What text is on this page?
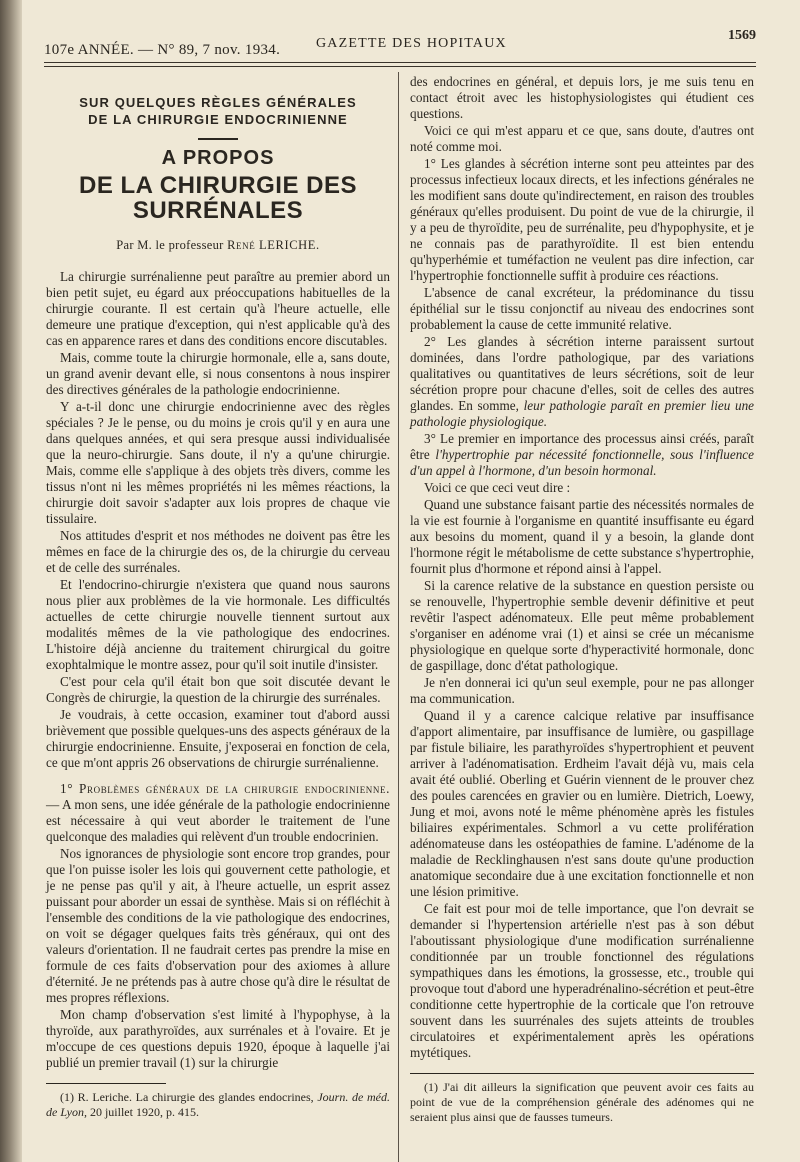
107e ANNÉE. — N° 89, 7 nov. 1934.	GAZETTE DES HOPITAUX
1569
SUR QUELQUES RÈGLES GÉNÉRALES
DE LA CHIRURGIE ENDOCRINIENNE
A PROPOS
DE LA CHIRURGIE DES SURRÉNALES
Par M. le professeur René LERICHE.

La chirurgie surrénalienne peut paraître au premier abord un bien petit sujet, eu égard aux préoccupations habituelles de la chirurgie courante. Il est certain qu'à l'heure actuelle, elle demeure une pratique d'exception, qui n'est applicable qu'à des cas en apparence rares et dans des conditions encore discutables.

Mais, comme toute la chirurgie hormonale, elle a, sans doute, un grand avenir devant elle, si nous consentons à nous inspirer des directives générales de la pathologie endocrinienne.

Y a-t-il donc une chirurgie endocrinienne avec des règles spéciales ? Je le pense, ou du moins je crois qu'il y en aura une dans quelques années, et qui sera presque aussi individualisée que la neuro-chirurgie. Sans doute, il n'y a qu'une chirurgie. Mais, comme elle s'applique à des objets très divers, comme les tissus n'ont ni les mêmes propriétés ni les mêmes réactions, la chirurgie doit savoir s'adapter aux lois propres de chaque vie tissulaire.

Nos attitudes d'esprit et nos méthodes ne doivent pas être les mêmes en face de la chirurgie des os, de la chirurgie du cerveau et de celle des surrénales.

Et l'endocrino-chirurgie n'existera que quand nous saurons nous plier aux problèmes de la vie hormonale. Les difficultés actuelles de cette chirurgie nouvelle tiennent surtout aux modalités mêmes de la vie pathologique des endocrines. L'histoire déjà ancienne du traitement chirurgical du goitre exophtalmique le montre assez, pour qu'il soit inutile d'insister.

C'est pour cela qu'il était bon que soit discutée devant le Congrès de chirurgie, la question de la chirurgie des surrénales.

Je voudrais, à cette occasion, examiner tout d'abord aussi brièvement que possible quelques-uns des aspects généraux de la chirurgie endocrinienne. Ensuite, j'exposerai en fonction de cela, ce que m'ont appris 26 observations de chirurgie surrénalienne.

1° Problèmes généraux de la chirurgie endocrinienne. — A mon sens, une idée générale de la pathologie endocrinienne est nécessaire à qui veut aborder le traitement de l'une quelconque des maladies qui relèvent d'un trouble endocrinien.

Nos ignorances de physiologie sont encore trop grandes, pour que l'on puisse isoler les lois qui gouvernent cette pathologie, et je ne pense pas qu'il y ait, à l'heure actuelle, un esprit assez puissant pour aborder un essai de synthèse. Mais si on réfléchit à l'ensemble des conditions de la vie pathologique des endocrines, on voit se dégager quelques faits très généraux, qui ont des valeurs d'orientation. Il ne faudrait certes pas prendre la mise en formule de ces faits d'observation pour des axiomes à allure d'éternité. Je ne prétends pas à autre chose qu'à dire le résultat de mes propres réflexions.

Mon champ d'observation s'est limité à l'hypophyse, à la thyroïde, aux parathyroïdes, aux surrénales et à l'ovaire. Et je m'occupe de ces questions depuis 1920, époque à laquelle j'ai publié un premier travail (1) sur la chirurgie

(1) R. Leriche. La chirurgie des glandes endocrines, Journ. de méd. de Lyon, 20 juillet 1920, p. 415.

des endocrines en général, et depuis lors, je me suis tenu en contact étroit avec les histophysiologistes qui étudient ces questions.

Voici ce qui m'est apparu et ce que, sans doute, d'autres ont noté comme moi.

1° Les glandes à sécrétion interne sont peu atteintes par des processus infectieux locaux directs, et les infections générales ne les modifient sans doute qu'indirectement, en raison des troubles généraux qu'elles produisent. Du point de vue de la chirurgie, il y a peu de thyroïdite, peu de surrénalite, peu d'hypophysite, et je ne connais pas de parathyroïdite. Il est bien entendu qu'hyperhémie et tuméfaction ne veulent pas dire infection, car l'hypertrophie fonctionnelle suffit à produire ces réactions.

L'absence de canal excréteur, la prédominance du tissu épithélial sur le tissu conjonctif au niveau des endocrines sont probablement la cause de cette immunité relative.

2° Les glandes à sécrétion interne paraissent surtout dominées, dans l'ordre pathologique, par des variations qualitatives ou quantitatives de leurs sécrétions, soit de leur sécrétion propre pour chacune d'elles, soit de celles des autres glandes. En somme, leur pathologie paraît en premier lieu une pathologie physiologique.

3° Le premier en importance des processus ainsi créés, paraît être l'hypertrophie par nécessité fonctionnelle, sous l'influence d'un appel à l'hormone, d'un besoin hormonal.

Voici ce que ceci veut dire :

Quand une substance faisant partie des nécessités normales de la vie est fournie à l'organisme en quantité insuffisante eu égard aux besoins du moment, quand il y a besoin, la glande dont l'hormone régit le métabolisme de cette substance s'hypertrophie, fournit plus d'hormone et répond ainsi à l'appel.

Si la carence relative de la substance en question persiste ou se renouvelle, l'hypertrophie semble devenir définitive et peut revêtir l'aspect adénomateux. Elle peut même probablement s'organiser en adénome vrai (1) et ainsi se crée un mécanisme physiologique en quelque sorte d'hyperactivité hormonale, donc de gaspillage, donc d'état pathologique.

Je n'en donnerai ici qu'un seul exemple, pour ne pas allonger ma communication.

Quand il y a carence calcique relative par insuffisance d'apport alimentaire, par insuffisance de lumière, ou gaspillage par fistule biliaire, les parathyroïdes s'hypertrophient et peuvent arriver à l'adénomatisation. Erdheim l'avait déjà vu, mais cela avait été oublié. Oberling et Guérin viennent de le prouver chez des poules carencées en gravier ou en lumière. Dietrich, Loewy, Jung et moi, avons noté le même phénomène après les fistules biliaires expérimentales. Schmorl a vu cette prolifération adénomateuse dans les ostéopathies de famine. L'adénome de la maladie de Recklinghausen n'est sans doute qu'une production anatomique secondaire due à une excitation fonctionnelle et non une lésion primitive.

Ce fait est pour moi de telle importance, que l'on devrait se demander si l'hypertension artérielle n'est pas à son début l'aboutissant physiologique d'une modification surrénalienne conditionnée par un trouble fonctionnel des régulations sympathiques dans les émotions, la grossesse, etc., trouble qui provoque tout d'abord une hyperadrénalino-sécrétion et peut-être conditionne cette hypertrophie de la corticale que l'on retrouve souvent dans les suurrénales des sujets atteints de troubles circulatoires et expérimentalement après les opérations mytétiques.

(1) J'ai dit ailleurs la signification que peuvent avoir ces faits au point de vue de la compréhension générale des adénomes qui ne seraient plus ainsi que de fausses tumeurs.
